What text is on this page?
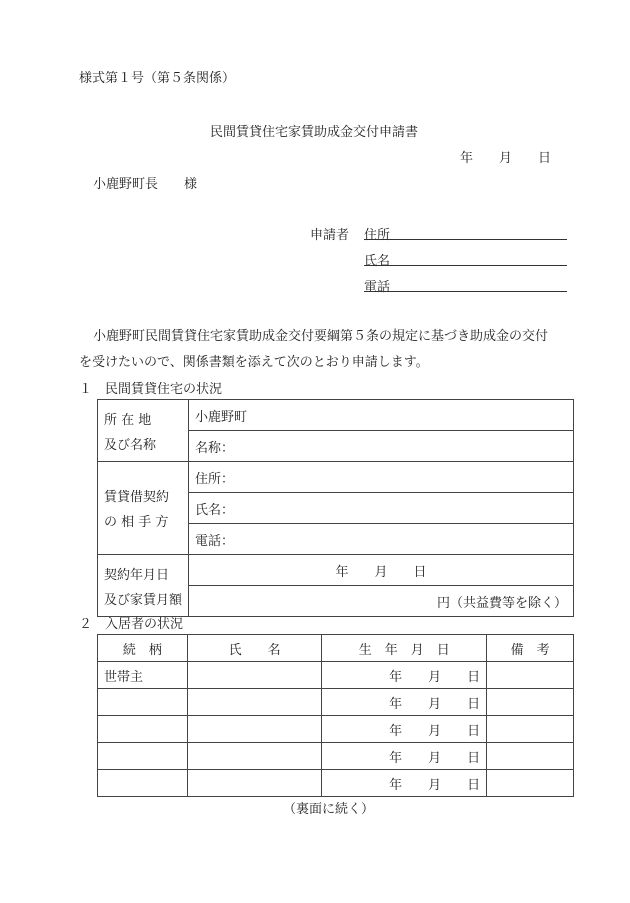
様式第１号（第５条関係）
民間賃貸住宅家賃助成金交付申請書
年　　月　　日
小鹿野町長　　様
申請者 住所
氏名
電話
小鹿野町民間賃貸住宅家賃助成金交付要綱第５条の規定に基づき助成金の交付
を受けたいので、関係書類を添えて次のとおり申請します。
１　民間賃貸住宅の状況
所 在 地
及び名称	小鹿野町
	名称：

賃貸借契約
の 相 手 方	住所：
	氏名：
	電話：

契約年月日
及び家賃月額	年　　月　　日
	円（共益費等を除く）
２　入居者の状況
続　柄	氏　　名	生　年　月　日	備　考
世帯主		年　　月　　日	
		年　　月　　日	
		年　　月　　日	
		年　　月　　日	
		年　　月　　日	
（裏面に続く）
